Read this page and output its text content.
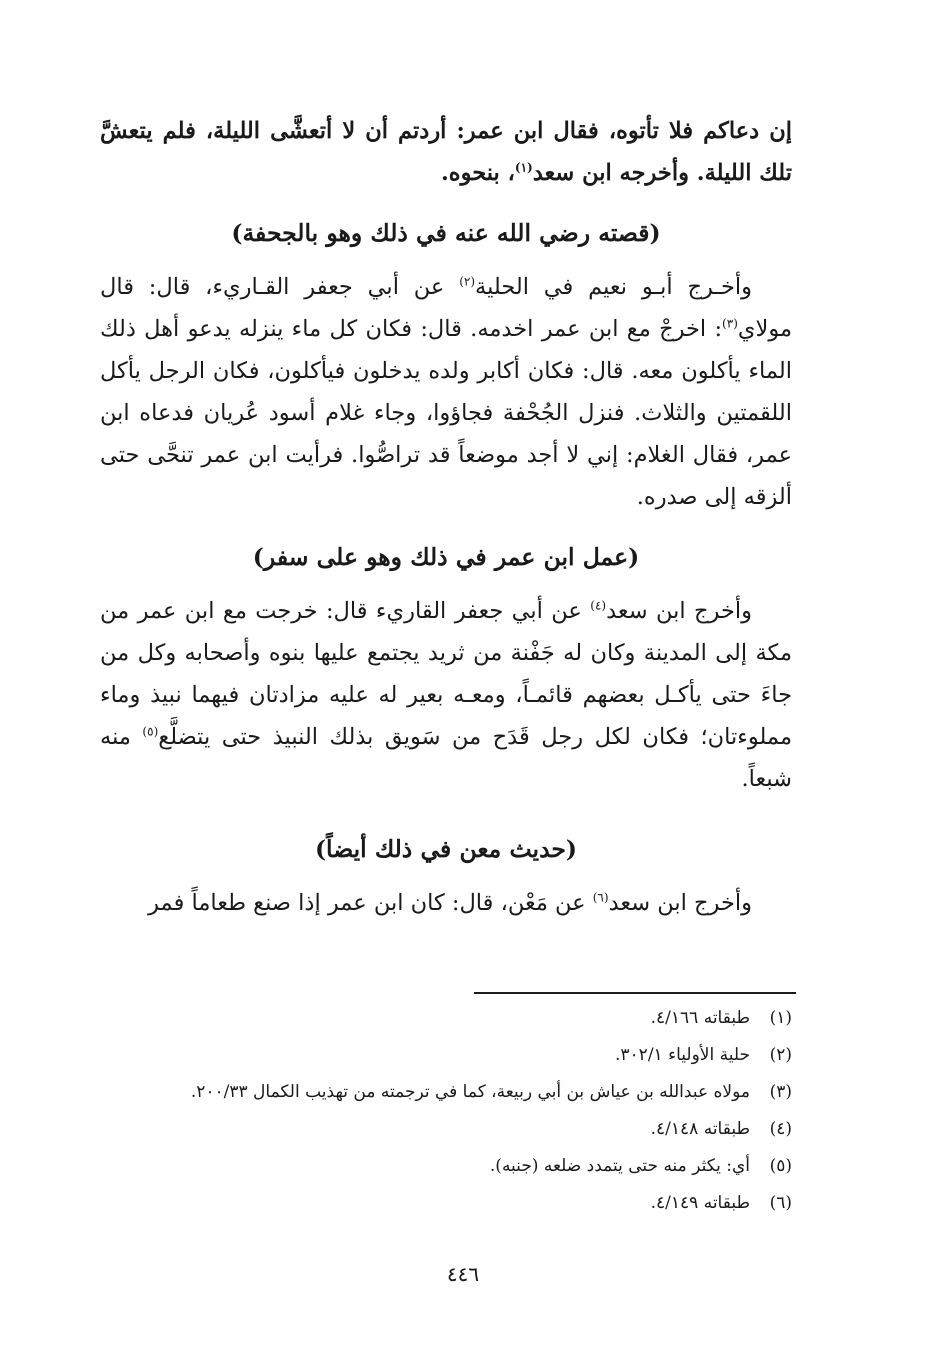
إن دعاكم فلا تأتوه، فقال ابن عمر: أردتم أن لا أتعشَّى الليلة، فلم يتعشَّ تلك الليلة. وأخرجه ابن سعد$^{(١)}$، بنحوه.

(قصته رضي الله عنه في ذلك وهو بالجحفة)

وأخـرج أبـو نعيم في الحلية$^{(٢)}$ عن أبي جعفر القـاريء، قال: قال مولاي$^{(٣)}$: اخرجْ مع ابن عمر اخدمه. قال: فكان كل ماء ينزله يدعو أهل ذلك الماء يأكلون معه. قال: فكان أكابر ولده يدخلون فيأكلون، فكان الرجل يأكل اللقمتين والثلاث. فنزل الجُحْفة فجاؤوا، وجاء غلام أسود عُريان فدعاه ابن عمر، فقال الغلام: إني لا أجد موضعاً قد تراصُّوا. فرأيت ابن عمر تنحَّى حتى ألزقه إلى صدره.

(عمل ابن عمر في ذلك وهو على سفر)

وأخرج ابن سعد$^{(٤)}$ عن أبي جعفر القاريء قال: خرجت مع ابن عمر من مكة إلى المدينة وكان له جَفْنة من ثريد يجتمع عليها بنوه وأصحابه وكل من جاءَ حتى يأكـل بعضهم قائمـاً، ومعـه بعير له عليه مزادتان فيهما نبيذ وماء مملوءتان؛ فكان لكل رجل قَدَح من سَويق بذلك النبيذ حتى يتضلَّع$^{(٥)}$ منه شبعاً.

(حديث معن في ذلك أيضاً)

وأخرج ابن سعد$^{(٦)}$ عن مَعْن، قال: كان ابن عمر إذا صنع طعاماً فمر

(١)
طبقاته ٤/١٦٦.
(٢)
حلية الأولياء ٣٠٢/١.
(٣)
مولاه عبدالله بن عياش بن أبي ربيعة، كما في ترجمته من تهذيب الكمال ٢٠٠/٣٣.
(٤)
طبقاته ٤/١٤٨.
(٥)
أي: يكثر منه حتى يتمدد ضلعه (جنبه).
(٦)
طبقاته ٤/١٤٩.
٤٤٦
